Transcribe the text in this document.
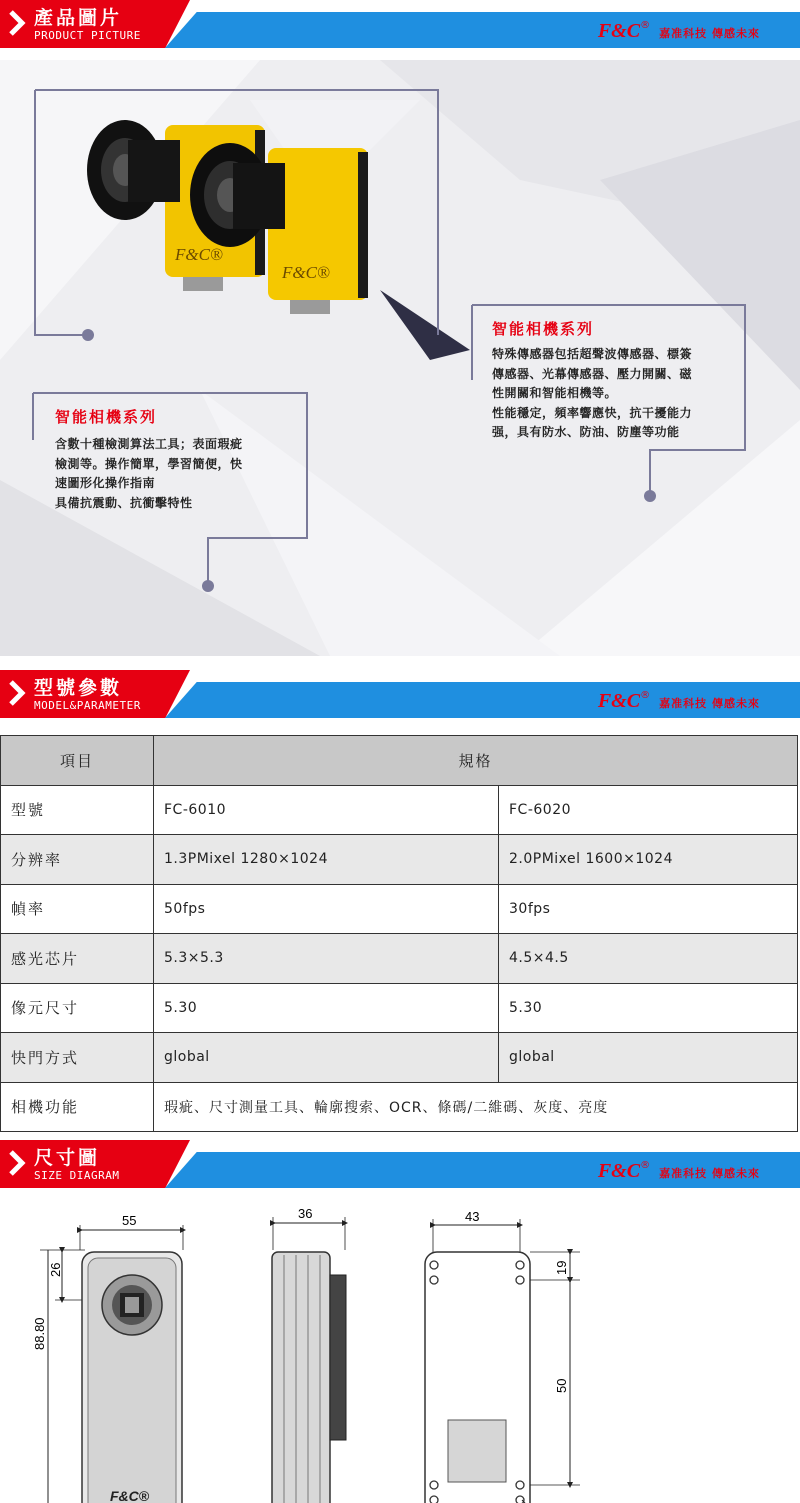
產品圖片
PRODUCT PICTURE	F&C® 嘉准科技 傳感未來
F&C®
F&C®
智能相機系列

特殊傳感器包括超聲波傳感器、標簽

傳感器、光幕傳感器、壓力開關、磁

性開關和智能相機等。

性能穩定，頻率響應快，抗干擾能力

强，具有防水、防油、防塵等功能

智能相機系列

含數十種檢測算法工具；表面瑕疵

檢測等。操作簡單，學習簡便，快

速圖形化操作指南

具備抗震動、抗衝擊特性

型號參數
MODEL&PARAMETER	F&C® 嘉准科技 傳感未來
項目	規格	
型號	FC-6010	FC-6020
分辨率	1.3PMixel 1280×1024	2.0PMixel 1600×1024
幀率	50fps	30fps
感光芯片	5.3×5.3	4.5×4.5
像元尺寸	5.30	5.30
快門方式	global	global
相機功能	瑕疵、尺寸測量工具、輪廓搜索、OCR、條碼/二維碼、灰度、亮度	
尺寸圖
SIZE DIAGRAM	F&C® 嘉准科技 傳感未來
55
26
88.80
F&C®
36	43
19
50
